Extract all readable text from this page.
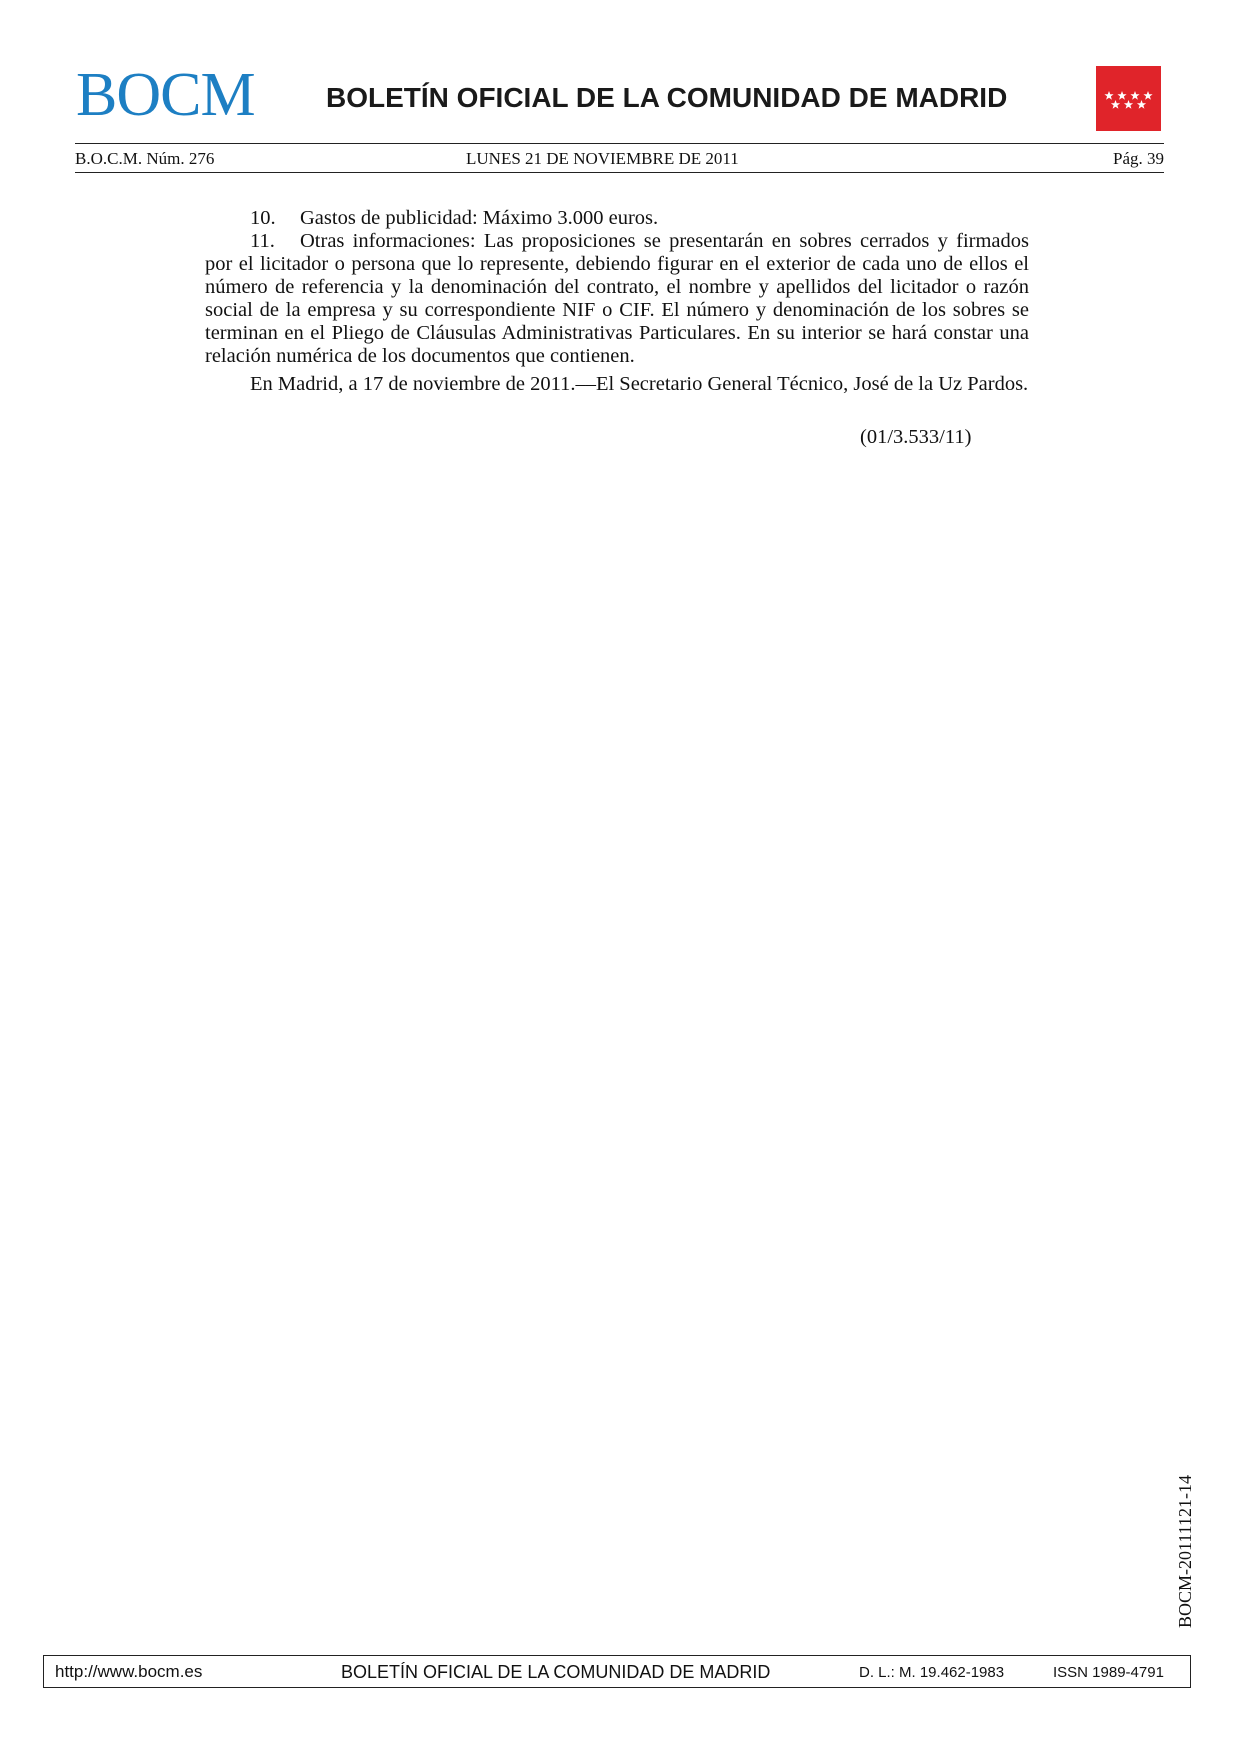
BOCM	BOLETÍN OFICIAL DE LA COMUNIDAD DE MADRID
B.O.C.M. Núm. 276	LUNES 21 DE NOVIEMBRE DE 2011	Pág. 39

10. Gastos de publicidad: Máximo 3.000 euros.

11. Otras informaciones: Las proposiciones se presentarán en sobres cerrados y firmados por el licitador o persona que lo represente, debiendo figurar en el exterior de cada uno de ellos el número de referencia y la denominación del contrato, el nombre y apellidos del licitador o razón social de la empresa y su correspondiente NIF o CIF. El número y denominación de los sobres se terminan en el Pliego de Cláusulas Administrativas Particulares. En su interior se hará constar una relación numérica de los documentos que contienen.

En Madrid, a 17 de noviembre de 2011.––El Secretario General Técnico, José de la Uz Pardos.

(01/3.533/11)
BOCM-20111121-14
http://www.bocm.es	BOLETÍN OFICIAL DE LA COMUNIDAD DE MADRID	D. L.: M. 19.462-1983	ISSN 1989-4791
